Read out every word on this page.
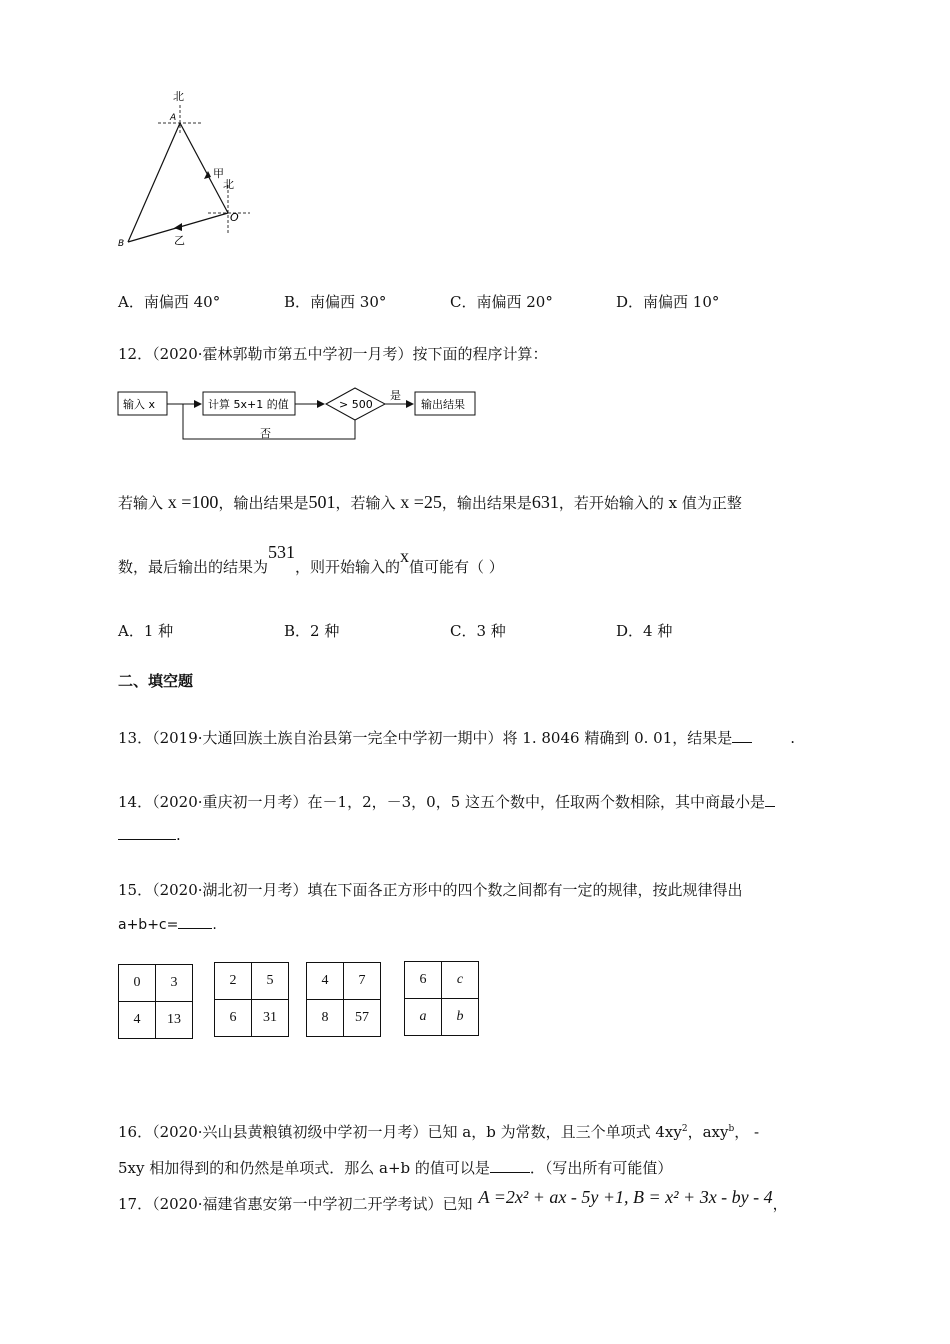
北
A
甲
北
O
B	乙
A．南偏西 40°	B．南偏西 30°	C．南偏西 20°	D．南偏西 10°
12．（2020·霍林郭勒市第五中学初一月考）按下面的程序计算：
输入 x	计算 5x+1 的值	> 500
是
输出结果
否
若输入 x =100，输出结果是501，若输入 x =25，输出结果是631，若开始输入的 x 值为正整
数，最后输出的结果为531，则开始输入的x值可能有（ ）
A．1 种	B．2 种	C．3 种	D．4 种
二、填空题
13．（2019·大通回族土族自治县第一完全中学初一期中）将 1. 8046 精确到 0. 01，结果是	.
14．（2020·重庆初一月考）在－1，2，－3，0，5 这五个数中，任取两个数相除，其中商最小是
.
15．（2020·湖北初一月考）填在下面各正方形中的四个数之间都有一定的规律，按此规律得出
a+b+c= .
0	3
4	13
2	5
6	31
4	7
8	57
6	c
a	b
16．（2020·兴山县黄粮镇初级中学初一月考）已知 a，b 为常数，且三个单项式 $4xy^2$，axy$^b$， -
5xy 相加得到的和仍然是单项式．那么 a+b 的值可以是	．（写出所有可能值）
17．（2020·福建省惠安第一中学初二开学考试）已知 A =2x² + ax - 5y +1, B = x² + 3x - by - 4，
